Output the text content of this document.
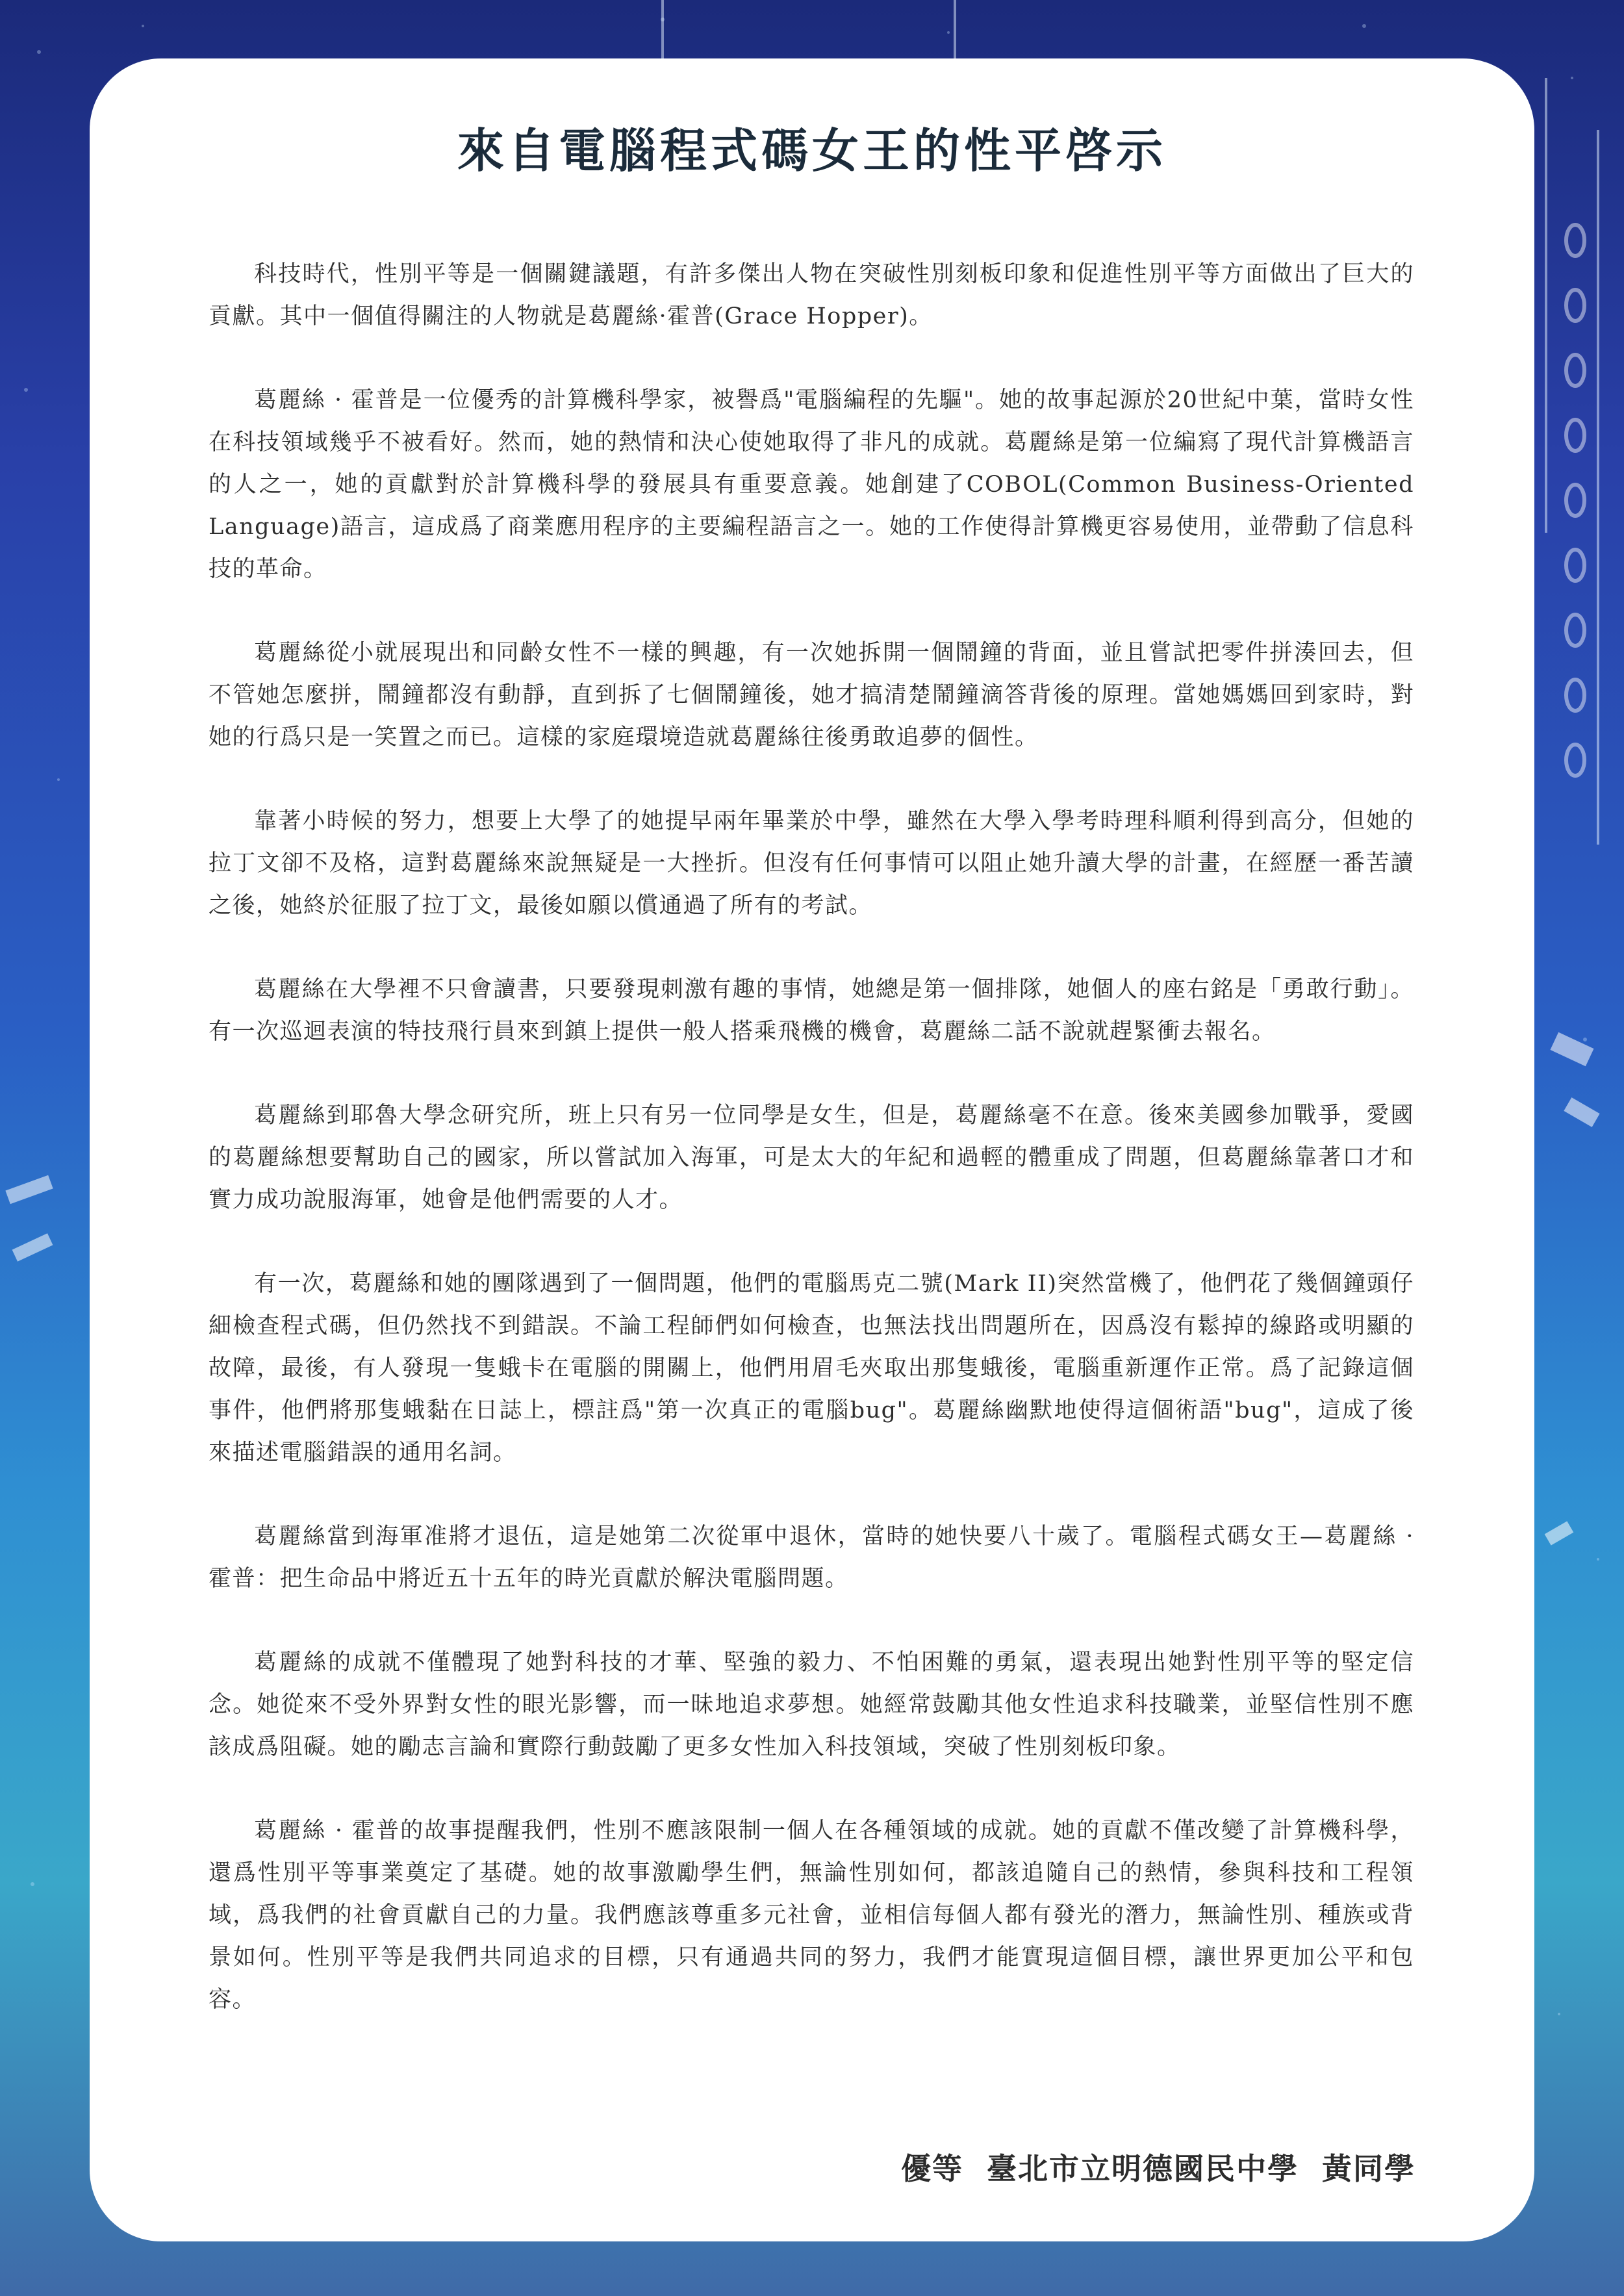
來自電腦程式碼女王的性平啓示

科技時代，性別平等是一個關鍵議題，有許多傑出人物在突破性別刻板印象和促進性別平等方面做出了巨大的貢獻。其中一個值得關注的人物就是葛麗絲·霍普(Grace Hopper)。

葛麗絲 · 霍普是一位優秀的計算機科學家，被譽爲"電腦編程的先驅"。她的故事起源於20世紀中葉，當時女性在科技領域幾乎不被看好。然而，她的熱情和決心使她取得了非凡的成就。葛麗絲是第一位編寫了現代計算機語言的人之一，她的貢獻對於計算機科學的發展具有重要意義。她創建了COBOL(Common Business-Oriented Language)語言，這成爲了商業應用程序的主要編程語言之一。她的工作使得計算機更容易使用，並帶動了信息科技的革命。

葛麗絲從小就展現出和同齡女性不一樣的興趣，有一次她拆開一個鬧鐘的背面，並且嘗試把零件拼湊回去，但不管她怎麼拼，鬧鐘都沒有動靜，直到拆了七個鬧鐘後，她才搞清楚鬧鐘滴答背後的原理。當她媽媽回到家時，對她的行爲只是一笑置之而已。這樣的家庭環境造就葛麗絲往後勇敢追夢的個性。

靠著小時候的努力，想要上大學了的她提早兩年畢業於中學，雖然在大學入學考時理科順利得到高分，但她的拉丁文卻不及格，這對葛麗絲來說無疑是一大挫折。但沒有任何事情可以阻止她升讀大學的計畫，在經歷一番苦讀之後，她終於征服了拉丁文，最後如願以償通過了所有的考試。

葛麗絲在大學裡不只會讀書，只要發現刺激有趣的事情，她總是第一個排隊，她個人的座右銘是「勇敢行動」。有一次巡迴表演的特技飛行員來到鎮上提供一般人搭乘飛機的機會，葛麗絲二話不說就趕緊衝去報名。

葛麗絲到耶魯大學念研究所，班上只有另一位同學是女生，但是，葛麗絲毫不在意。後來美國參加戰爭，愛國的葛麗絲想要幫助自己的國家，所以嘗試加入海軍，可是太大的年紀和過輕的體重成了問題，但葛麗絲靠著口才和實力成功說服海軍，她會是他們需要的人才。

有一次，葛麗絲和她的團隊遇到了一個問題，他們的電腦馬克二號(Mark II)突然當機了，他們花了幾個鐘頭仔細檢查程式碼，但仍然找不到錯誤。不論工程師們如何檢查，也無法找出問題所在，因爲沒有鬆掉的線路或明顯的故障，最後，有人發現一隻蛾卡在電腦的開關上，他們用眉毛夾取出那隻蛾後，電腦重新運作正常。爲了記錄這個事件，他們將那隻蛾黏在日誌上，標註爲"第一次真正的電腦bug"。葛麗絲幽默地使得這個術語"bug"，這成了後來描述電腦錯誤的通用名詞。

葛麗絲當到海軍准將才退伍，這是她第二次從軍中退休，當時的她快要八十歲了。電腦程式碼女王—葛麗絲 · 霍普：把生命品中將近五十五年的時光貢獻於解決電腦問題。

葛麗絲的成就不僅體現了她對科技的才華、堅強的毅力、不怕困難的勇氣，還表現出她對性別平等的堅定信念。她從來不受外界對女性的眼光影響，而一昧地追求夢想。她經常鼓勵其他女性追求科技職業，並堅信性別不應該成爲阻礙。她的勵志言論和實際行動鼓勵了更多女性加入科技領域，突破了性別刻板印象。

葛麗絲 · 霍普的故事提醒我們，性別不應該限制一個人在各種領域的成就。她的貢獻不僅改變了計算機科學，還爲性別平等事業奠定了基礎。她的故事激勵學生們，無論性別如何，都該追隨自己的熱情，參與科技和工程領域，爲我們的社會貢獻自己的力量。我們應該尊重多元社會，並相信每個人都有發光的潛力，無論性別、種族或背景如何。性別平等是我們共同追求的目標，只有通過共同的努力，我們才能實現這個目標，讓世界更加公平和包容。

優等 臺北市立明德國民中學 黃同學
